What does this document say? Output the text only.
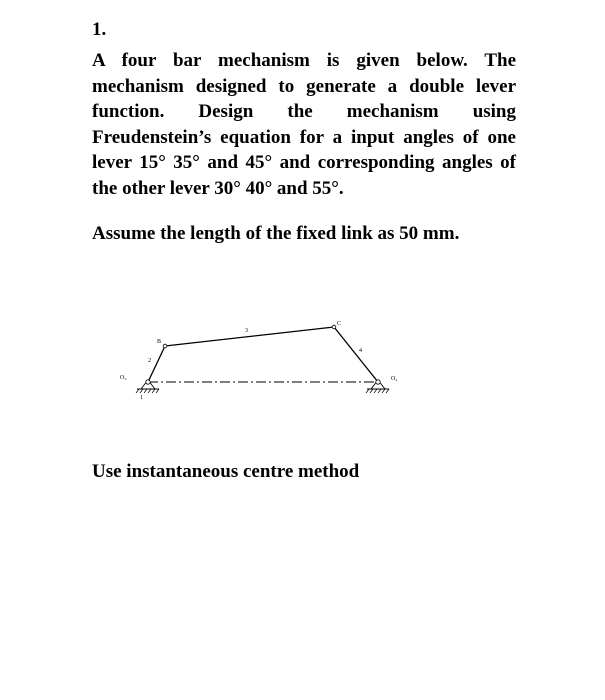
1.

A four bar mechanism is given below. The mechanism designed to generate a double lever function. Design the mechanism using Freudenstein’s equation for a input angles of one lever 15° 35° and 45° and corresponding angles of the other lever 30° 40° and 55°.

Assume the length of the fixed link as 50 mm.

O₂	O₄
B
C
1
2
3
4

Use instantaneous centre method
